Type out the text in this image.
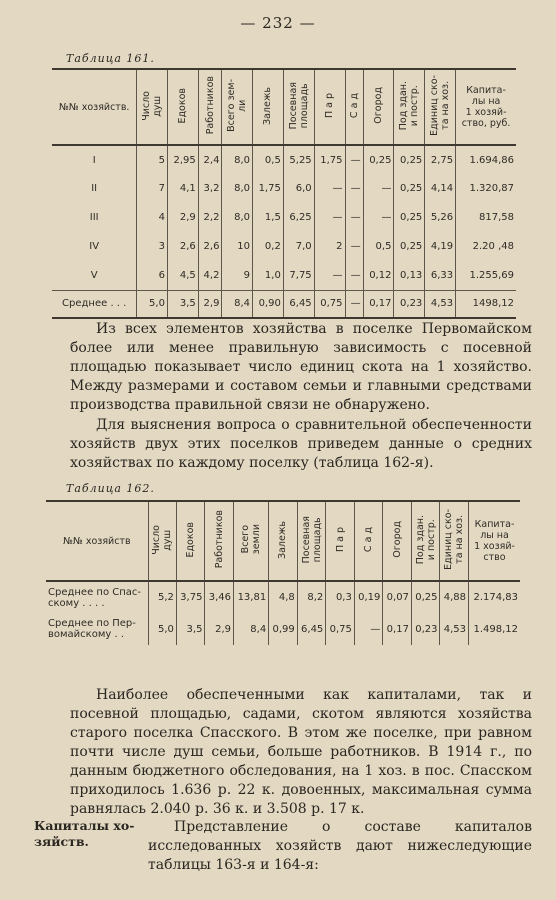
— 232 —
Таблица 161.
№№ хозяйств.	Число
душ	Едоков	Работников	Всего зем-
ли	Залежь	Посевная
площадь	П а р	С а д	Огород	Под здан.
и постр.	Единиц ско-
та на хоз.	Капита-
лы на
1 хозяй-
ство, руб.
I	5	2,95	2,4	8,0	0,5	5,25	1,75	—	0,25	0,25	2,75	1.694,86
II	7	4,1	3,2	8,0	1,75	6,0	—	—	—	0,25	4,14	1.320,87
III	4	2,9	2,2	8,0	1,5	6,25	—	—	—	0,25	5,26	817,58
IV	3	2,6	2,6	10	0,2	7,0	2	—	0,5	0,25	4,19	2.20 ,48
V	6	4,5	4,2	9	1,0	7,75	—	—	0,12	0,13	6,33	1.255,69
Среднее . . .	5,0	3,5	2,9	8,4	0,90	6,45	0,75	—	0,17	0,23	4,53	1498,12
Из всех элементов хозяйства в поселке Первомайском более или менее правильную зависимость с посевной площадью показывает число единиц скота на 1 хозяйство. Между размерами и составом семьи и главными средствами производства правильной связи не обнаружено.
Для выяснения вопроса о сравнительной обеспеченности хозяйств двух этих поселков приведем данные о средних хозяйствах по каждому поселку (таблица 162-я).
Таблица 162.
№№ хозяйств	Число
душ	Едоков	Работников	Всего
земли	Залежь	Посевная
площадь	П а р	С а д	Огород	Под здан.
и постр.	Единиц ско-
та на хоз.	Капита-
лы на
1 хозяй-
ство
Среднее по Спас-
скому . . . .	5,2	3,75	3,46	13,81	4,8	8,2	0,3	0,19	0,07	0,25	4,88	2.174,83
Среднее по Пер-
вомайскому . .	5,0	3,5	2,9	8,4	0,99	6,45	0,75	—	0,17	0,23	4,53	1.498,12
Наиболее обеспеченными как капиталами, так и посевной площадью, садами, скотом являются хозяйства старого поселка Спасского. В этом же поселке, при равном почти числе душ семьи, больше работников. В 1914 г., по данным бюджетного обследования, на 1 хоз. в пос. Спасском приходилось 1.636 р. 22 к. довоенных, максимальная сумма равнялась 2.040 р. 36 к. и 3.508 р. 17 к.
Капиталы хо-
зяйств.
Представление о составе капиталов исследованных хозяйств дают нижеследующие таблицы 163-я и 164-я:
